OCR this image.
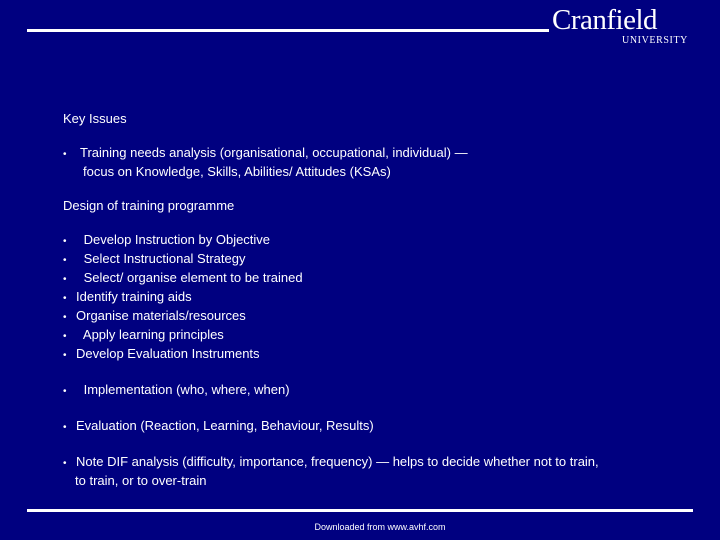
Cranfield
UNIVERSITY

Key Issues

• Training needs analysis (organisational, occupational, individual) —

focus on Knowledge, Skills, Abilities/ Attitudes (KSAs)

Design of training programme

• Develop Instruction by Objective

• Select Instructional Strategy

• Select/ organise element to be trained

• Identify training aids

• Organise materials/resources

• Apply learning principles

• Develop Evaluation Instruments

• Implementation (who, where, when)

• Evaluation (Reaction, Learning, Behaviour, Results)

• Note DIF analysis (difficulty, importance, frequency) — helps to decide whether not to train,

to train, or to over-train

Downloaded from www.avhf.com
